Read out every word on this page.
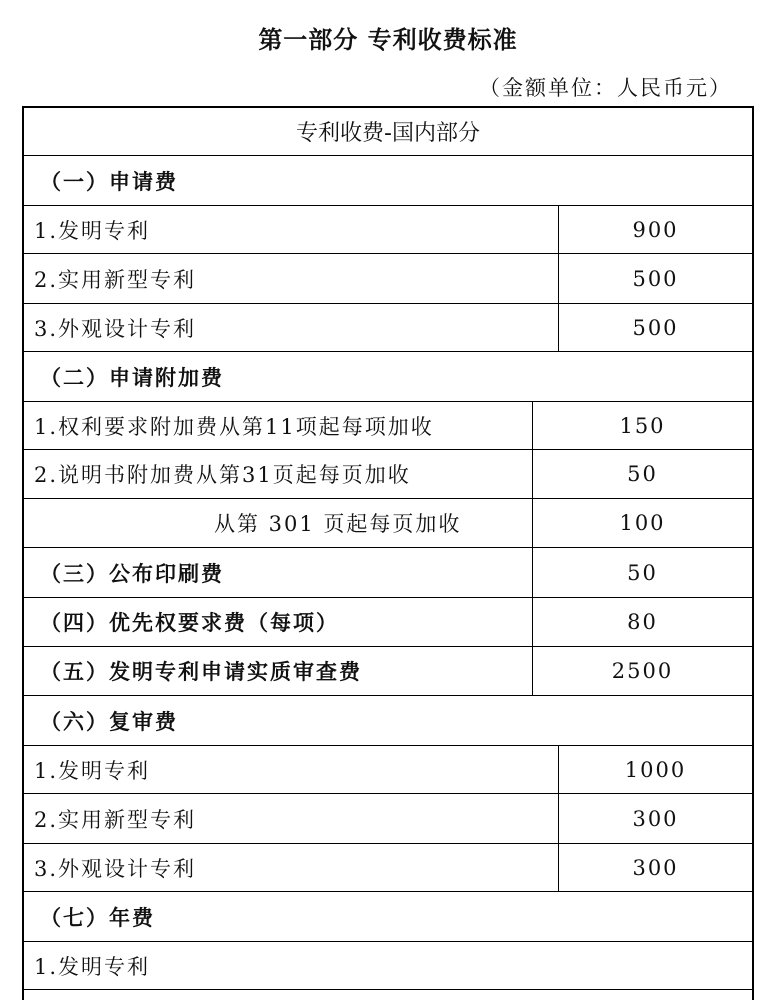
第一部分 专利收费标准
（金额单位：人民币元）
专利收费-国内部分
（一）申请费
1.发明专利	900
2.实用新型专利	500
3.外观设计专利	500
（二）申请附加费
1.权利要求附加费从第11项起每项加收	150
2.说明书附加费从第31页起每页加收	50
从第 301 页起每页加收	100
（三）公布印刷费	50
（四）优先权要求费（每项）	80
（五）发明专利申请实质审查费	2500
（六）复审费
1.发明专利	1000
2.实用新型专利	300
3.外观设计专利	300
（七）年费
1.发明专利
